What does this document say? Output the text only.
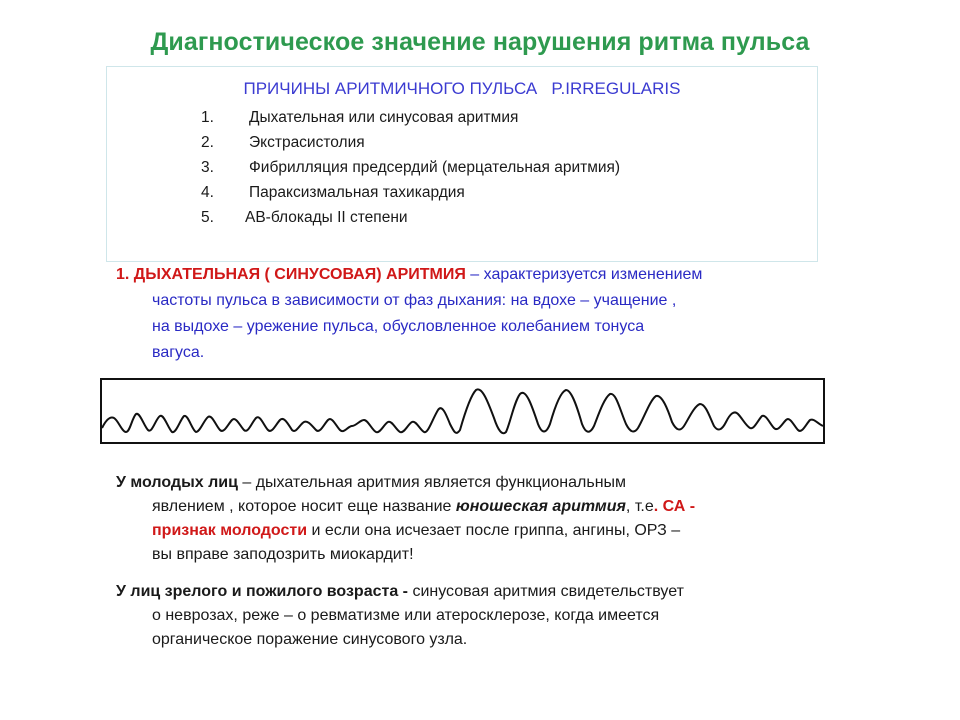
Диагностическое значение нарушения ритма пульса
ПРИЧИНЫ АРИТМИЧНОГО ПУЛЬСА   P.IRREGULARIS
1. Дыхательная или синусовая аритмия
2. Экстрасистолия
3. Фибрилляция предсердий (мерцательная аритмия)
4. Параксизмальная тахикардия
5. АВ-блокады II степени
1. ДЫХАТЕЛЬНАЯ ( СИНУСОВАЯ) АРИТМИЯ – характеризуется изменением
частоты пульса в зависимости от фаз дыхания: на вдохе – учащение ,
на выдохе – урежение пульса, обусловленное колебанием тонуса
вагуса.
У молодых лиц – дыхательная аритмия является функциональным
явлением , которое носит еще название юношеская аритмия, т.е. СА -
признак молодости и если она исчезает после гриппа, ангины, ОРЗ –
вы вправе заподозрить миокардит!
У лиц зрелого и пожилого возраста - синусовая аритмия свидетельствует
о неврозах, реже – о ревматизме или атеросклерозе, когда имеется
органическое поражение синусового узла.
